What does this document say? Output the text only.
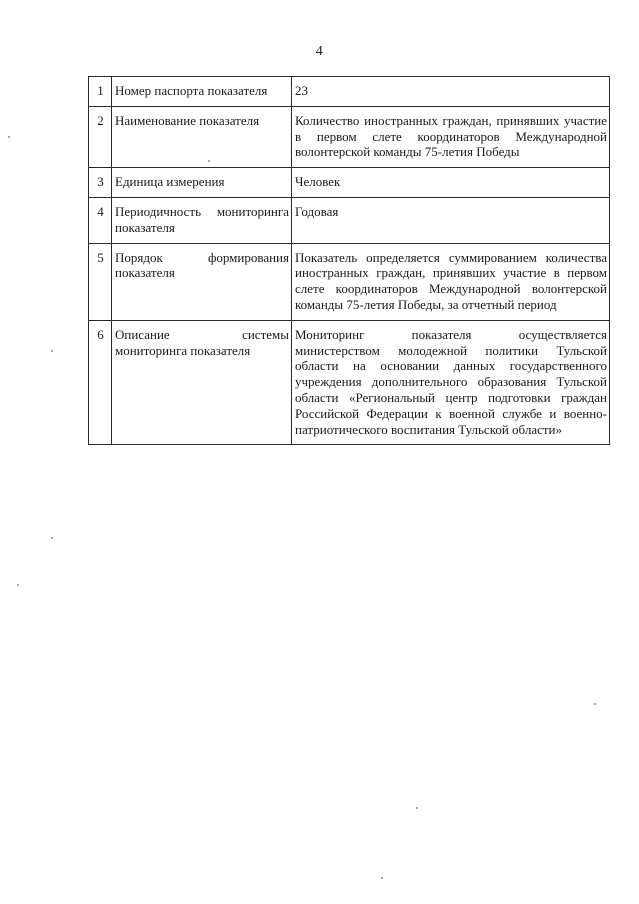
4
1	Номер паспорта показателя	23
2	Наименование показателя	Количество иностранных граждан, принявших участие в первом слете координаторов Международной волонтерской команды 75-летия Победы
3	Единица измерения	Человек
4	Периодичность мониторинга показателя	Годовая
5	Порядок формирования показателя	Показатель определяется суммированием количества иностранных граждан, принявших участие в первом слете координаторов Международной волонтерской команды 75-летия Победы, за отчетный период
6	Описание системы мониторинга показателя	Мониторинг показателя осуществляется министерством молодежной политики Тульской области на основании данных государственного учреждения дополнительного образования Тульской области «Региональный центр подготовки граждан Российской Федерации к военной службе и военно-патриотического воспитания Тульской области»
